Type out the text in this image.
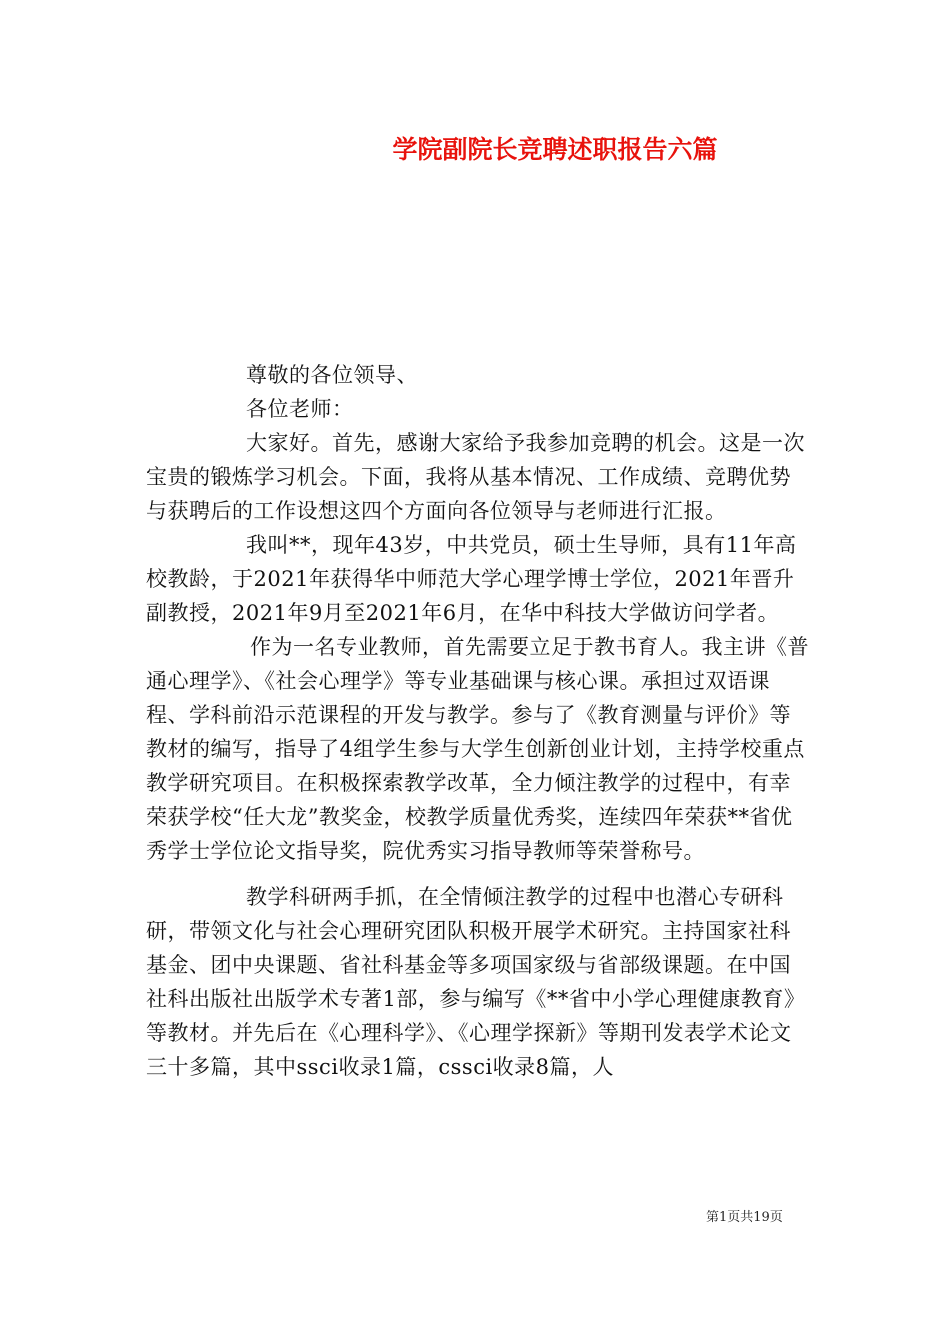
学院副院长竞聘述职报告六篇

尊敬的各位领导、

各位老师：

大家好。首先，感谢大家给予我参加竞聘的机会。这是一次宝贵的锻炼学习机会。下面，我将从基本情况、工作成绩、竞聘优势与获聘后的工作设想这四个方面向各位领导与老师进行汇报。

我叫**，现年43岁，中共党员，硕士生导师，具有11年高校教龄，于2021年获得华中师范大学心理学博士学位，2021年晋升副教授，2021年9月至2021年6月，在华中科技大学做访问学者。

作为一名专业教师，首先需要立足于教书育人。我主讲《普通心理学》、《社会心理学》等专业基础课与核心课。承担过双语课程、学科前沿示范课程的开发与教学。参与了《教育测量与评价》等教材的编写，指导了4组学生参与大学生创新创业计划，主持学校重点教学研究项目。在积极探索教学改革，全力倾注教学的过程中，有幸荣获学校“任大龙”教奖金，校教学质量优秀奖，连续四年荣获**省优秀学士学位论文指导奖，院优秀实习指导教师等荣誉称号。

教学科研两手抓，在全情倾注教学的过程中也潜心专研科研，带领文化与社会心理研究团队积极开展学术研究。主持国家社科基金、团中央课题、省社科基金等多项国家级与省部级课题。在中国社科出版社出版学术专著1部，参与编写《**省中小学心理健康教育》等教材。并先后在《心理科学》、《心理学探新》等期刊发表学术论文三十多篇，其中ssci收录1篇，cssci收录8篇，人

第1页共19页
